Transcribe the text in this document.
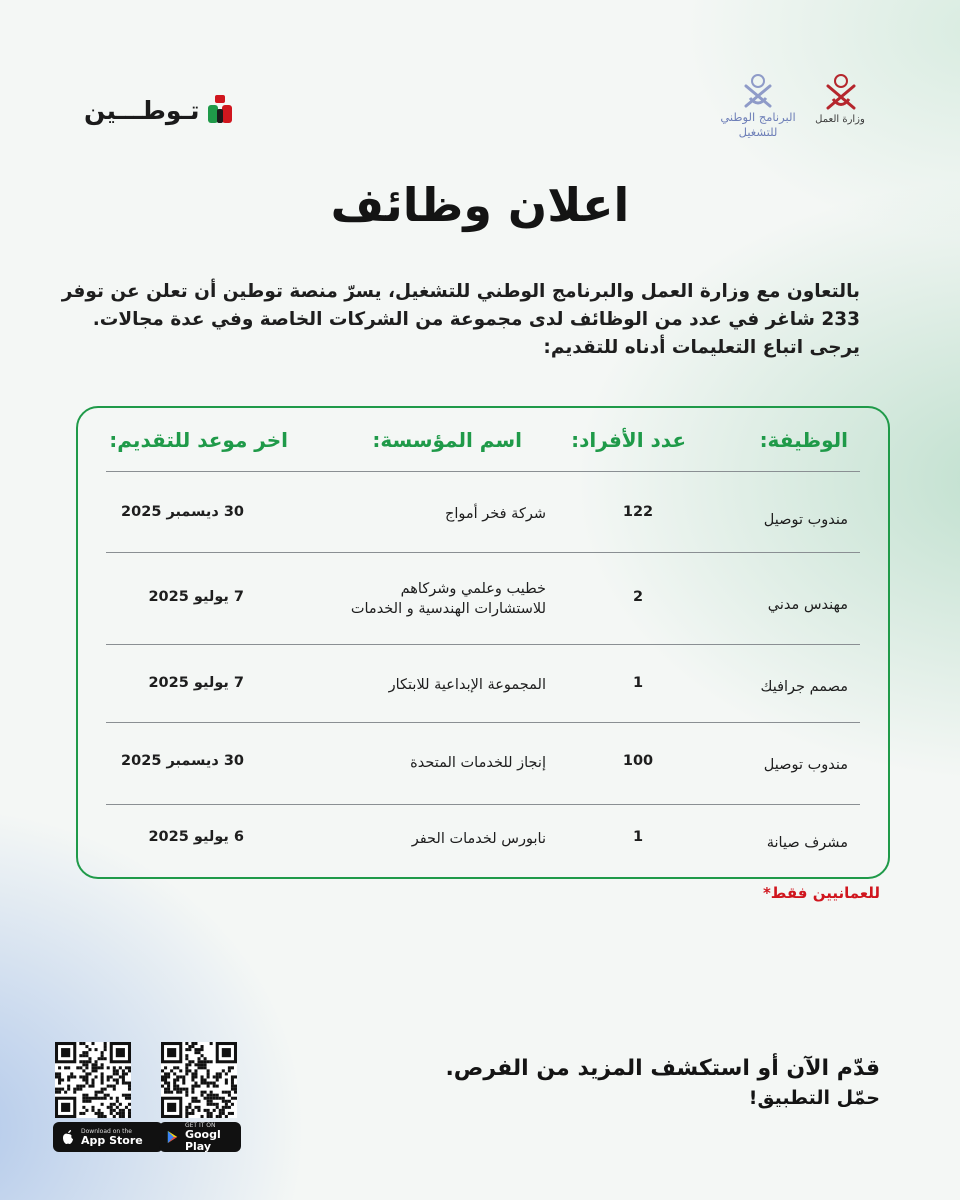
تـوطـــين	البرنامج الوطني
للتشغيل
وزارة العمل
اعلان وظائف

بالتعاون مع وزارة العمل والبرنامج الوطني للتشغيل، يسرّ منصة توطين أن تعلن عن توفر

233 شاغر في عدد من الوظائف لدى مجموعة من الشركات الخاصة وفي عدة مجالات.

يرجى اتباع التعليمات أدناه للتقديم:

الوظيفة:
عدد الأفراد:
اسم المؤسسة:
اخر موعد للتقديم:
مندوب توصيل
122
شركة فخر أمواج
30 ديسمبر 2025
مهندس مدني
2
خطيب وعلمي وشركاهم
للاستشارات الهندسية و الخدمات
7 يوليو 2025
مصمم جرافيك
1
المجموعة الإبداعية للابتكار
7 يوليو 2025
مندوب توصيل
100
إنجاز للخدمات المتحدة
30 ديسمبر 2025
مشرف صيانة
1
نابورس لخدمات الحفر
6 يوليو 2025
للعمانيين فقط*
قدّم الآن أو استكشف المزيد من الفرص.
حمّل التطبيق!
Download on the
App Store
GET IT ON
Googl Play
